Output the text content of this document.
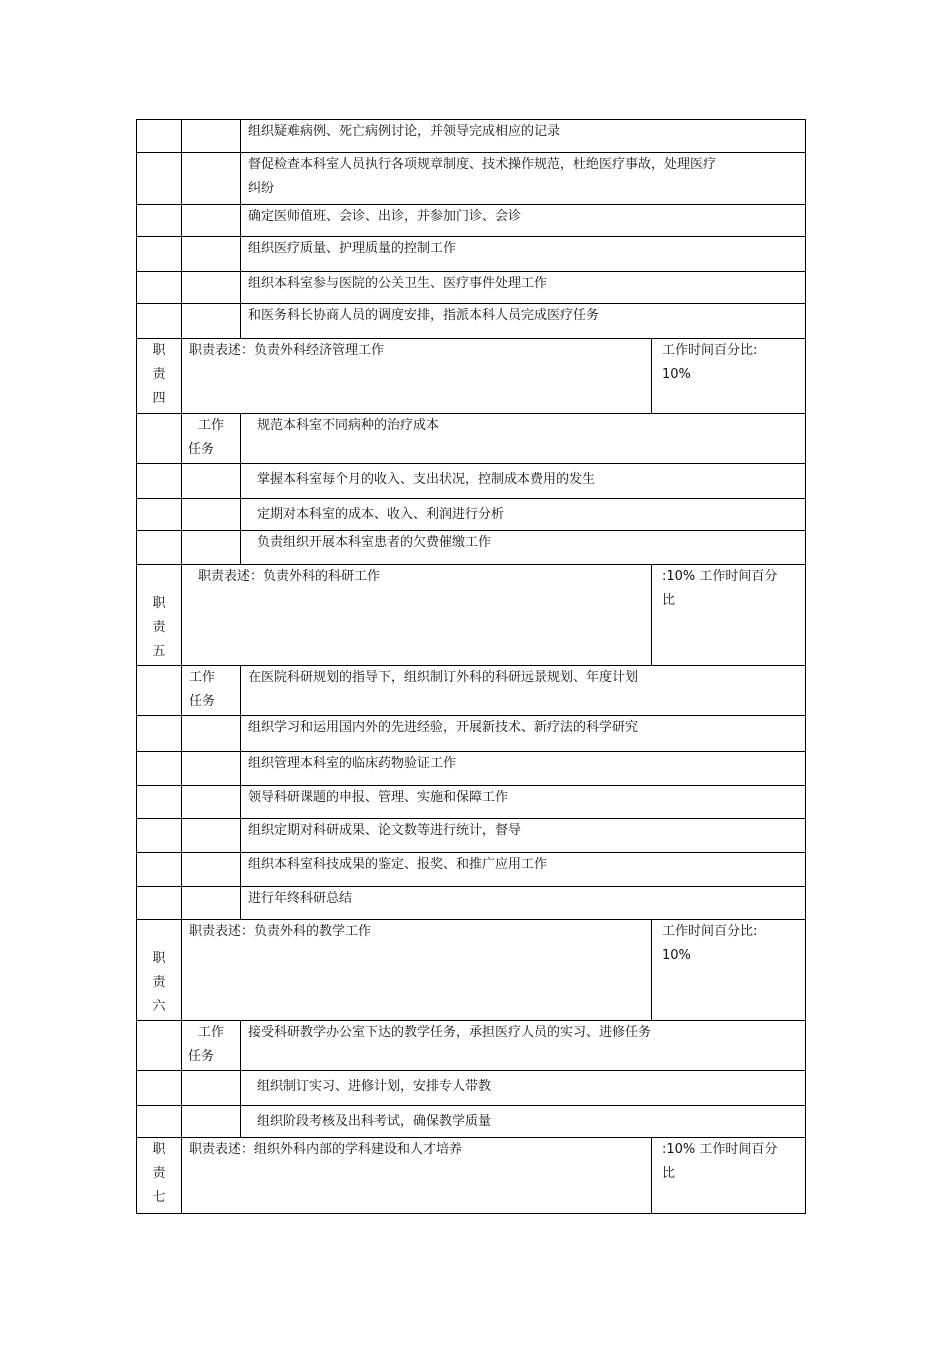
		组织疑难病例、死亡病例讨论，并领导完成相应的记录	

		督促检查本科室人员执行各项规章制度、技术操作规范，杜绝医疗事故，处理医疗纠纷	

		确定医师值班、会诊、出诊，并参加门诊、会诊	
		组织医疗质量、护理质量的控制工作	
		组织本科室参与医院的公关卫生、医疗事件处理工作	
		和医务科长协商人员的调度安排，指派本科人员完成医疗任务	

职
责
四	职责表述：负责外科经济管理工作		工作时间百分比:10%

	工作
任务	规范本科室不同病种的治疗成本	
		掌握本科室每个月的收入、支出状况，控制成本费用的发生	
		定期对本科室的成本、收入、利润进行分析	
		负责组织开展本科室患者的欠费催缴工作	

职
责
五	职责表述：负责外科的科研工作		:10% 工作时间百分比

	工作
任务	在医院科研规划的指导下，组织制订外科的科研远景规划、年度计划	
		组织学习和运用国内外的先进经验，开展新技术、新疗法的科学研究	
		组织管理本科室的临床药物验证工作	
		领导科研课题的申报、管理、实施和保障工作	
		组织定期对科研成果、论文数等进行统计，督导	
		组织本科室科技成果的鉴定、报奖、和推广应用工作	
		进行年终科研总结	

职
责
六	职责表述：负责外科的教学工作		工作时间百分比:10%

	工作
任务	接受科研教学办公室下达的教学任务，承担医疗人员的实习、进修任务	
		组织制订实习、进修计划，安排专人带教	
		组织阶段考核及出科考试，确保教学质量	

职
责
七	职责表述：组织外科内部的学科建设和人才培养		:10% 工作时间百分比
